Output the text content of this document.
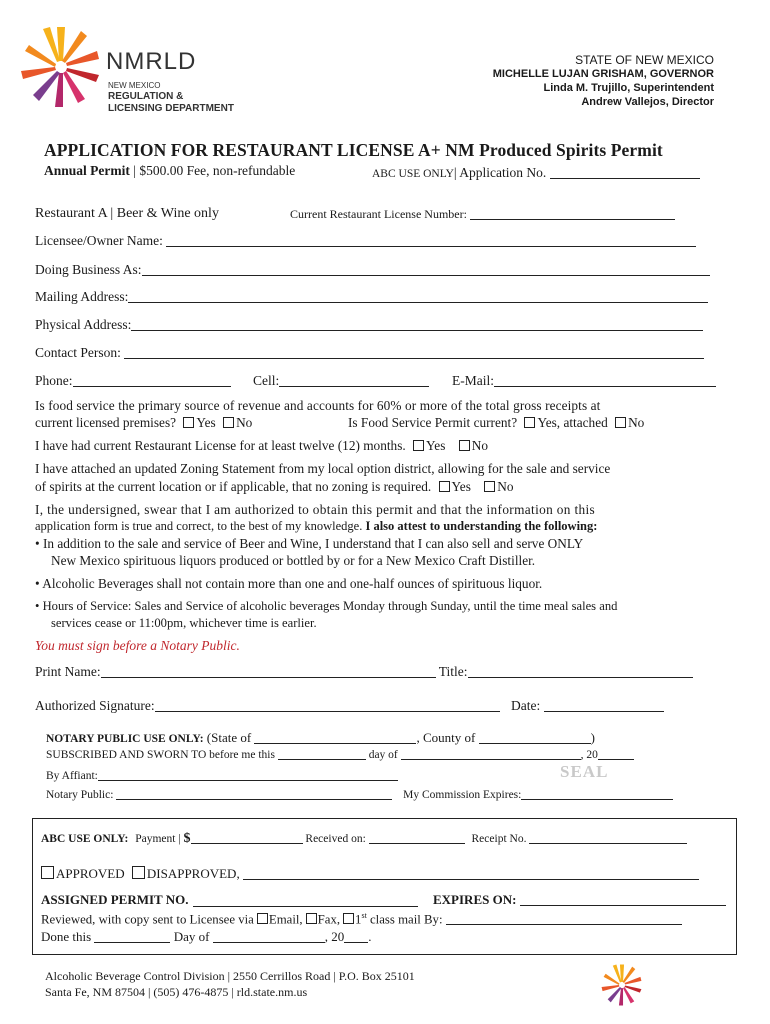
NMRLD
NEW MEXICO
REGULATION &
LICENSING DEPARTMENT
STATE OF NEW MEXICO
MICHELLE LUJAN GRISHAM, GOVERNOR
Linda M. Trujillo, Superintendent
Andrew Vallejos, Director
APPLICATION FOR RESTAURANT LICENSE A+ NM Produced Spirits Permit
Annual Permit | $500.00 Fee, non-refundable	ABC USE ONLY| Application No.
Restaurant A | Beer & Wine only	Current Restaurant License Number:
Licensee/Owner Name:
Doing Business As:
Mailing Address:
Physical Address:
Contact Person:
Phone:	Cell:	E-Mail:
Is food service the primary source of revenue and accounts for 60% or more of the total gross receipts at
current licensed premises? Yes No	Is Food Service Permit current? Yes, attached No
I have had current Restaurant License for at least twelve (12) months. Yes No
I have attached an updated Zoning Statement from my local option district, allowing for the sale and service
of spirits at the current location or if applicable, that no zoning is required. Yes No
I, the undersigned, swear that I am authorized to obtain this permit and that the information on this
application form is true and correct, to the best of my knowledge. I also attest to understanding the following:
• In addition to the sale and service of Beer and Wine, I understand that I can also sell and serve ONLY
New Mexico spirituous liquors produced or bottled by or for a New Mexico Craft Distiller.
• Alcoholic Beverages shall not contain more than one and one-half ounces of spirituous liquor.
• Hours of Service: Sales and Service of alcoholic beverages Monday through Sunday, until the time meal sales and
services cease or 11:00pm, whichever time is earlier.
You must sign before a Notary Public.
Print Name:	Title:
Authorized Signature:	Date:
NOTARY PUBLIC USE ONLY: (State of	, County of	)
SUBSCRIBED AND SWORN TO before me this	day of	, 20
By Affiant:	SEAL
Notary Public:	My Commission Expires:
ABC USE ONLY: Payment | $	Received on:	Receipt No.
APPROVED DISAPPROVED,
ASSIGNED PERMIT NO.	EXPIRES ON:
Reviewed, with copy sent to Licensee via Email, Fax, 1st class mail By:
Done this	Day of	, 20 .
Alcoholic Beverage Control Division | 2550 Cerrillos Road | P.O. Box 25101
Santa Fe, NM 87504 | (505) 476-4875 | rld.state.nm.us
